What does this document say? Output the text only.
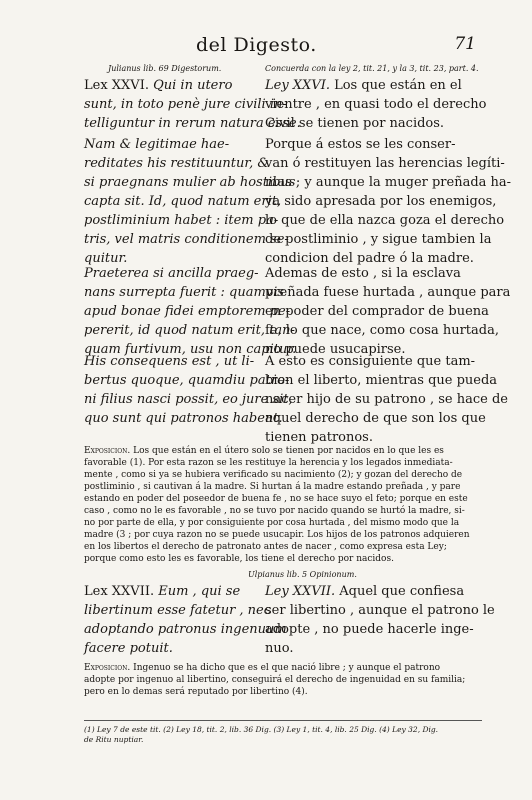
del Digesto.	71
Julianus lib. 69 Digestorum.	Concuerda con la ley 2, tit. 21, y la 3, tit. 23, part. 4.
Lex XXVI. Qui in utero
sunt, in toto penè jure civili in-
telliguntur in rerum natura esse.
Ley XXVI. Los que están en el
vientre , en quasi todo el derecho
Civil se tienen por nacidos.
Nam & legitimae hae-
reditates his restituuntur, &
si praegnans mulier ab hostibus
capta sit. Id, quod natum erit,
postliminium habet : item pa-
tris, vel matris conditionem se-
quitur.
Porque á estos se les conser-
van ó restituyen las herencias legíti-
mas ; y aunque la muger preñada ha-
ya sido apresada por los enemigos,
lo que de ella nazca goza el derecho
de postliminio , y sigue tambien la
condicion del padre ó la madre.
Praeterea si ancilla praeg-
nans surrepta fuerit : quamvis
apud bonae fidei emptorem pe-
pererit, id quod natum erit, tan-
quam furtivum, usu non capitur.
Ademas de esto , si la esclava
preñada fuese hurtada , aunque para
en poder del comprador de buena
fe, lo que nace, como cosa hurtada,
no puede usucapirse.
His consequens est , ut li-
bertus quoque, quamdiu patro-
ni filius nasci possit, eo jure sit,
quo sunt qui patronos habent.
A esto es consiguiente que tam-
bien el liberto, mientras que pueda
nacer hijo de su patrono , se hace de
aquel derecho de que son los que
tienen patronos.
Exposicion. Los que están en el útero solo se tienen por nacidos en lo que les es
favorable (1). Por esta razon se les restituye la herencia y los legados inmediata-
mente , como si ya se hubiera verificado su nacimiento (2); y gozan del derecho de
postliminio , si cautivan á la madre. Si hurtan á la madre estando preñada , y pare
estando en poder del poseedor de buena fe , no se hace suyo el feto; porque en este
caso , como no le es favorable , no se tuvo por nacido quando se hurtó la madre, si-
no por parte de ella, y por consiguiente por cosa hurtada , del mismo modo que la
madre (3 ; por cuya razon no se puede usucapir. Los hijos de los patronos adquieren
en los libertos el derecho de patronato antes de nacer , como expresa esta Ley;
porque como esto les es favorable, los tiene el derecho por nacidos.
Ulpianus lib. 5 Opinionum.
Lex XXVII. Eum , qui se
libertinum esse fatetur , nec
adoptando patronus ingenuum
facere potuit.
Ley XXVII. Aquel que confiesa
ser libertino , aunque el patrono le
adopte , no puede hacerle inge-
nuo.
Exposicion. Ingenuo se ha dicho que es el que nació libre ; y aunque el patrono
adopte por ingenuo al libertino, conseguirá el derecho de ingenuidad en su familia;
pero en lo demas será reputado por libertino (4).
(1) Ley 7 de este tit. (2) Ley 18, tit. 2, lib. 36 Dig. (3) Ley 1, tit. 4, lib. 25 Dig. (4) Ley 32, Dig.
de Ritu nuptiar.
